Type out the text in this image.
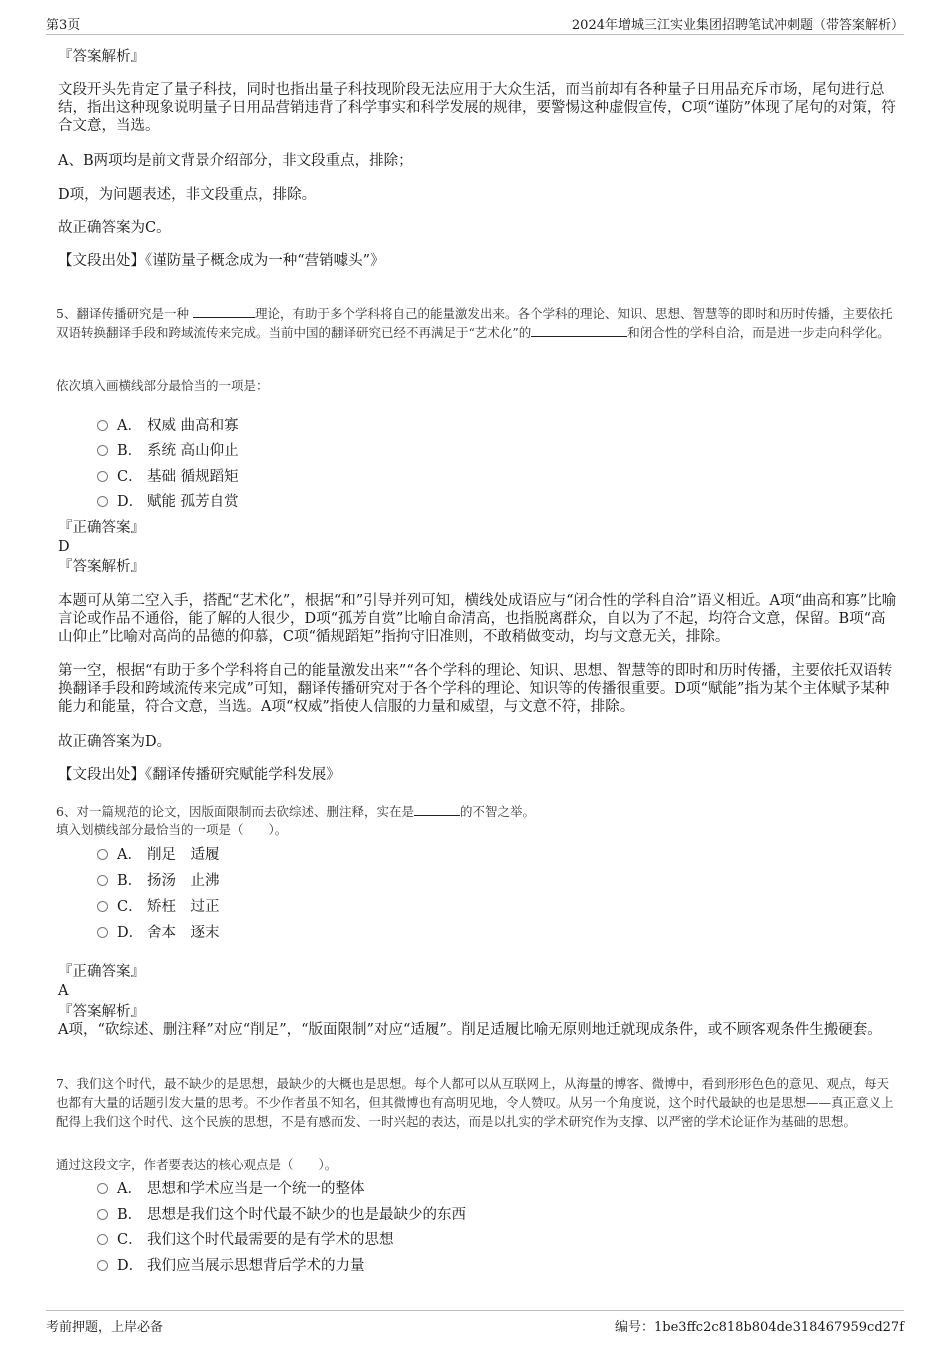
第3页	2024年增城三江实业集团招聘笔试冲刺题（带答案解析）

『答案解析』

文段开头先肯定了量子科技，同时也指出量子科技现阶段无法应用于大众生活，而当前却有各种量子日用品充斥市场，尾句进行总结，指出这种现象说明量子日用品营销违背了科学事实和科学发展的规律，要警惕这种虚假宣传，C项“谨防”体现了尾句的对策，符合文意，当选。

A、B两项均是前文背景介绍部分，非文段重点，排除；

D项，为问题表述，非文段重点，排除。

故正确答案为C。

【文段出处】《谨防量子概念成为一种“营销噱头”》

5、翻译传播研究是一种	理论，有助于多个学科将自己的能量激发出来。各个学科的理论、知识、思想、智慧等的即时和历时传播，主要依托双语转换翻译手段和跨域流传来完成。当前中国的翻译研究已经不再满足于“艺术化”的	和闭合性的学科自洽，而是进一步走向科学化。

依次填入画横线部分最恰当的一项是：

A． 权威 曲高和寡
B． 系统 高山仰止
C． 基础 循规蹈矩
D． 赋能 孤芳自赏

『正确答案』

D

『答案解析』

本题可从第二空入手，搭配“艺术化”，根据“和”引导并列可知，横线处成语应与“闭合性的学科自洽”语义相近。A项“曲高和寡”比喻言论或作品不通俗，能了解的人很少，D项“孤芳自赏”比喻自命清高，也指脱离群众，自以为了不起，均符合文意，保留。B项“高山仰止”比喻对高尚的品德的仰慕，C项“循规蹈矩”指拘守旧准则，不敢稍做变动，均与文意无关，排除。

第一空，根据“有助于多个学科将自己的能量激发出来”“各个学科的理论、知识、思想、智慧等的即时和历时传播，主要依托双语转换翻译手段和跨域流传来完成”可知，翻译传播研究对于各个学科的理论、知识等的传播很重要。D项“赋能”指为某个主体赋予某种能力和能量，符合文意，当选。A项“权威”指使人信服的力量和威望，与文意不符，排除。

故正确答案为D。

【文段出处】《翻译传播研究赋能学科发展》

6、对一篇规范的论文，因版面限制而去砍综述、删注释，实在是	的不智之举。

填入划横线部分最恰当的一项是（　　）。

A． 削足　适履
B． 扬汤　止沸
C． 矫枉　过正
D． 舍本　逐末

『正确答案』

A

『答案解析』

A项，“砍综述、删注释”对应“削足”，“版面限制”对应“适履”。削足适履比喻无原则地迁就现成条件，或不顾客观条件生搬硬套。

7、我们这个时代，最不缺少的是思想，最缺少的大概也是思想。每个人都可以从互联网上，从海量的博客、微博中，看到形形色色的意见、观点，每天也都有大量的话题引发大量的思考。不少作者虽不知名，但其微博也有高明见地，令人赞叹。从另一个角度说，这个时代最缺的也是思想——真正意义上配得上我们这个时代、这个民族的思想，不是有感而发、一时兴起的表达，而是以扎实的学术研究作为支撑、以严密的学术论证作为基础的思想。

通过这段文字，作者要表达的核心观点是（　　）。

A． 思想和学术应当是一个统一的整体
B． 思想是我们这个时代最不缺少的也是最缺少的东西
C． 我们这个时代最需要的是有学术的思想
D． 我们应当展示思想背后学术的力量
考前押题，上岸必备	编号：1be3ffc2c818b804de318467959cd27f
